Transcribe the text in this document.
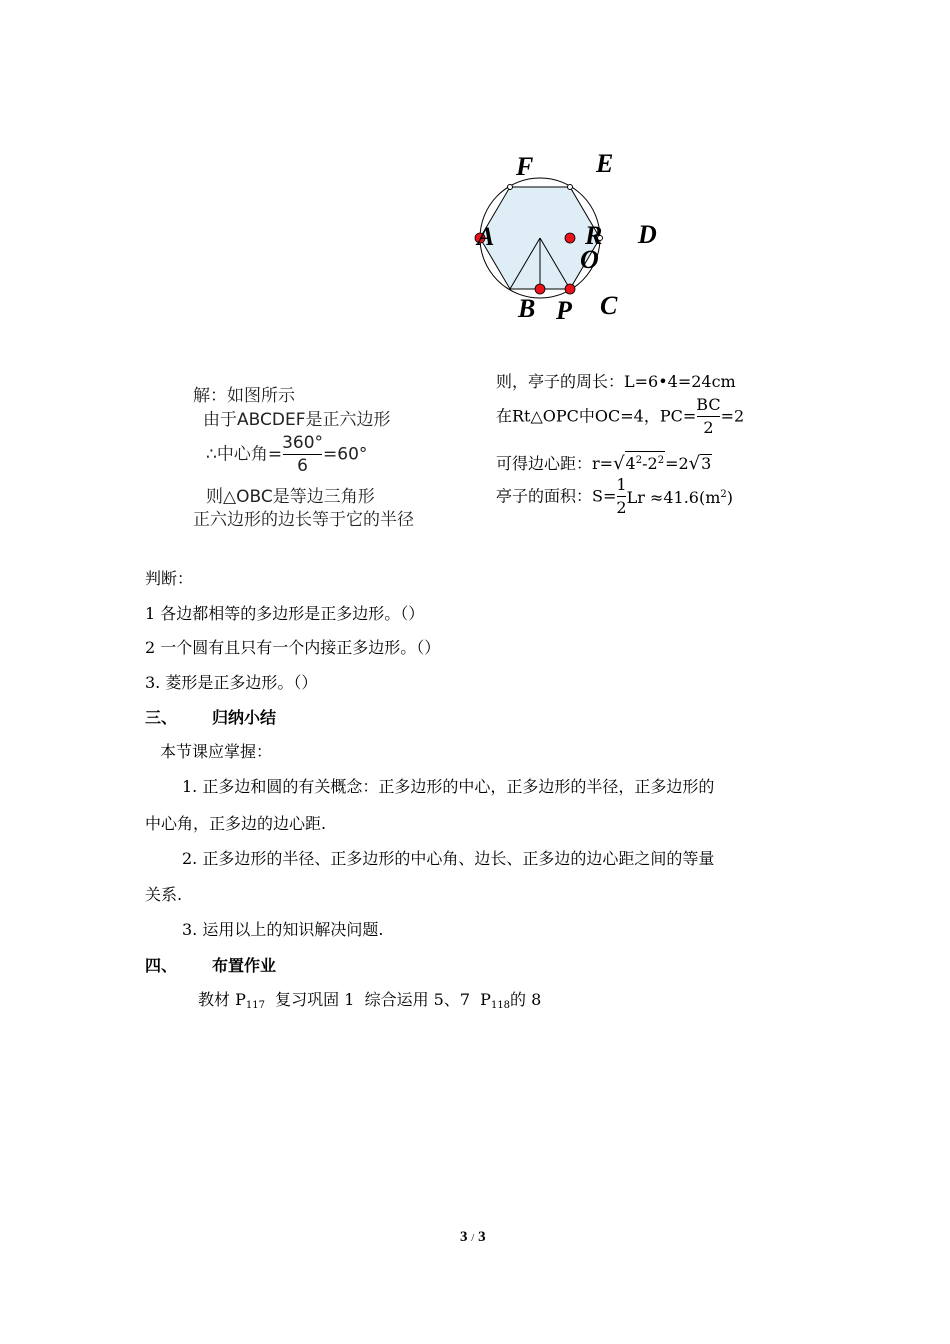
F E
A	R
O
D
B P C
解：如图所示
由于ABCDEF是正六边形
∴中心角= $\frac{360^\circ}{6} =60^\circ$
则△OBC是等边三角形
正六边形的边长等于它的半径
则，亭子的周长：L=6•4=24cm
在Rt△OPC中OC=4，$PC= \frac{BC}{2} =2$
可得边心距：$r=√4^2-2^2=2√3$
亭子的面积：$S= \frac{1}{2}$ $Lr \approx 41.6(m^2)$
判断：
1 各边都相等的多边形是正多边形。（）
2 一个圆有且只有一个内接正多边形。（）
3. 菱形是正多边形。（）
三、 归纳小结
本节课应掌握：
1. 正多边和圆的有关概念：正多边形的中心，正多边形的半径，正多边形的
中心角，正多边的边心距.
2. 正多边形的半径、正多边形的中心角、边长、正多边的边心距之间的等量
关系.
3. 运用以上的知识解决问题.
四、 布置作业
教材 $P_{117}$  复习巩固 1  综合运用 5、7  $P_{118}$的 8
3 / 3
